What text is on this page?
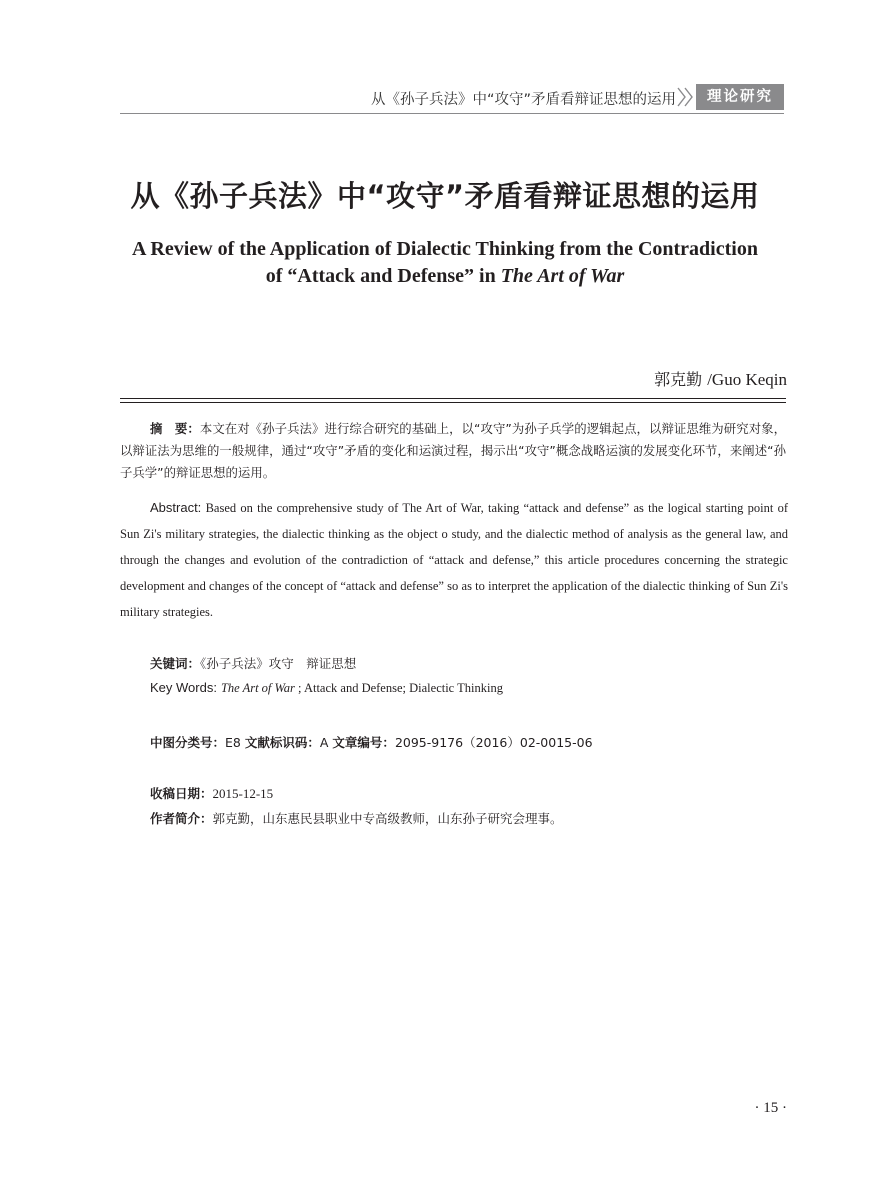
从《孙子兵法》中“攻守”矛盾看辩证思想的运用	理论研究
从《孙子兵法》中“攻守”矛盾看辩证思想的运用
A Review of the Application of Dialectic Thinking from the Contradiction
of “Attack and Defense” in The Art of War
郭克勤 /Guo Keqin
摘　要：本文在对《孙子兵法》进行综合研究的基础上，以“攻守”为孙子兵学的逻辑起点，以辩证思维为研究对象，以辩证法为思维的一般规律，通过“攻守”矛盾的变化和运演过程，揭示出“攻守”概念战略运演的发展变化环节，来阐述“孙子兵学”的辩证思想的运用。
Abstract: Based on the comprehensive study of The Art of War, taking “attack and defense” as the logical starting point of Sun Zi's military strategies, the dialectic thinking as the object o study, and the dialectic method of analysis as the general law, and through the changes and evolution of the contradiction of “attack and defense,” this article procedures concerning the strategic development and changes of the concept of “attack and defense” so as to interpret the application of the dialectic thinking of Sun Zi's military strategies.
关键词：《孙子兵法》攻守　辩证思想
Key Words: The Art of War ; Attack and Defense; Dialectic Thinking
中图分类号：E8 文献标识码：A 文章编号：2095-9176（2016）02-0015-06
收稿日期：2015-12-15
作者简介：郭克勤，山东惠民县职业中专高级教师，山东孙子研究会理事。
· 15 ·
